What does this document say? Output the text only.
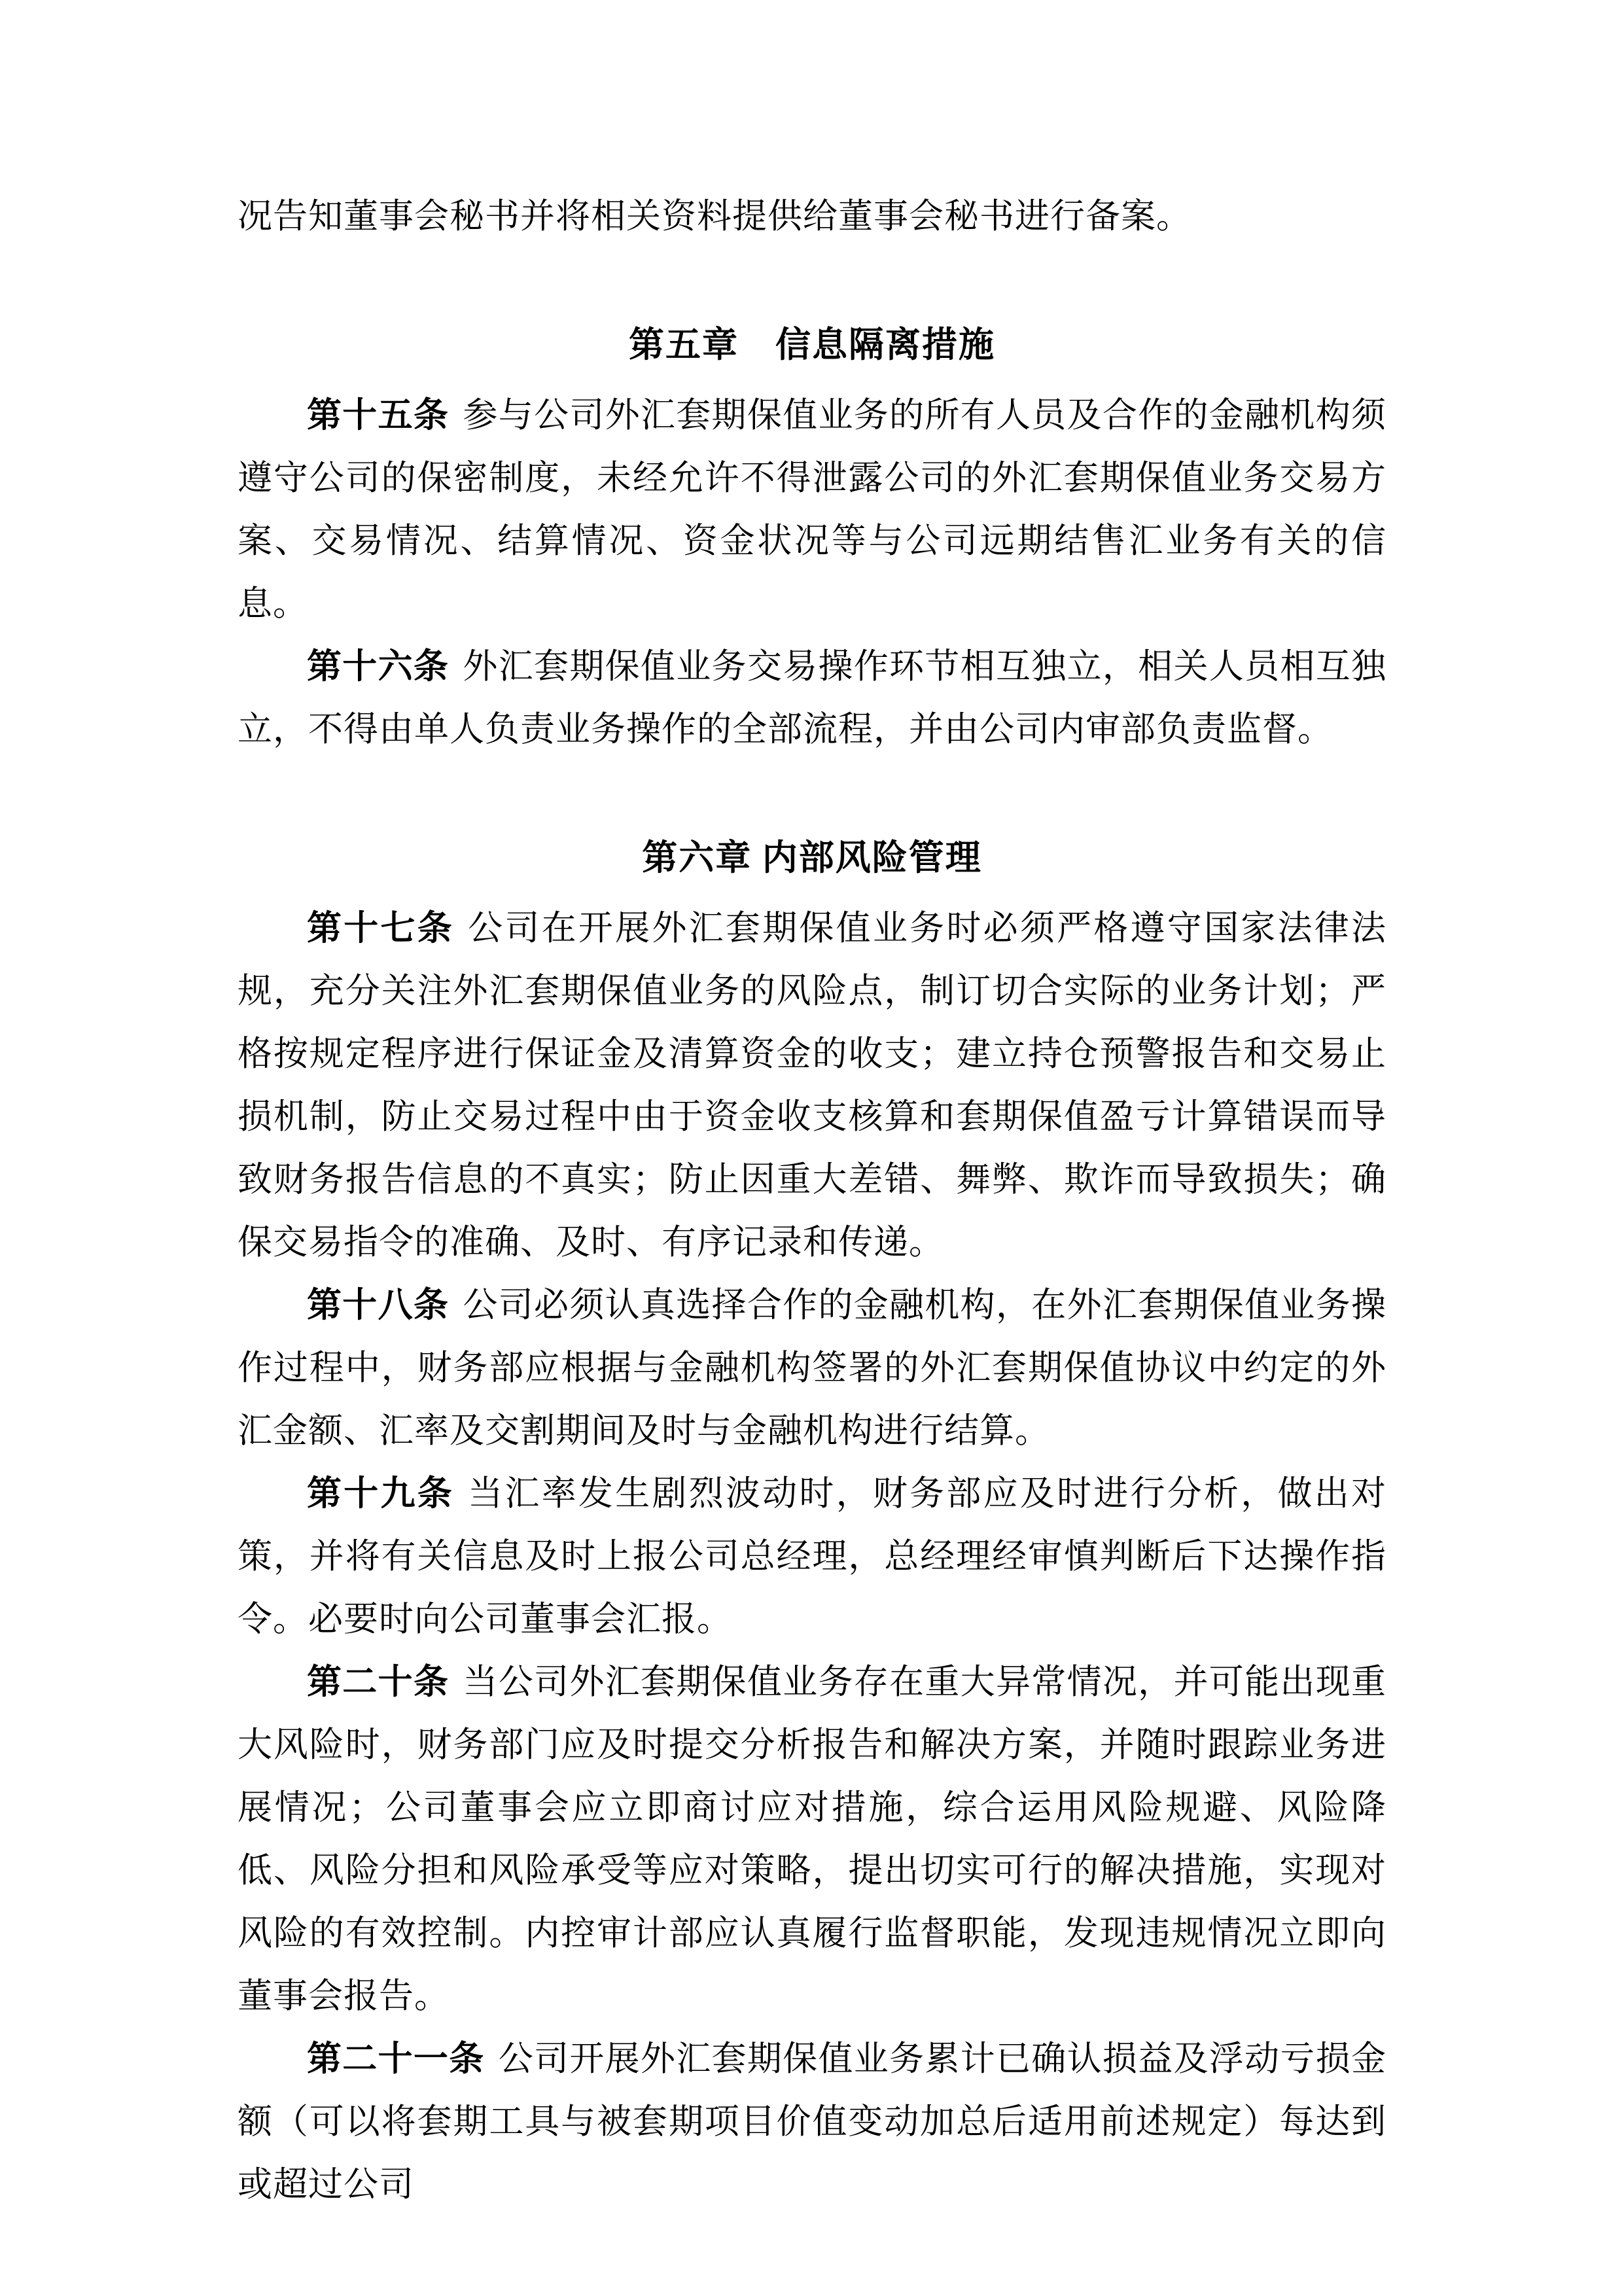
况告知董事会秘书并将相关资料提供给董事会秘书进行备案。

第五章　信息隔离措施

第十五条 参与公司外汇套期保值业务的所有人员及合作的金融机构须遵守公司的保密制度，未经允许不得泄露公司的外汇套期保值业务交易方案、交易情况、结算情况、资金状况等与公司远期结售汇业务有关的信息。

第十六条 外汇套期保值业务交易操作环节相互独立，相关人员相互独立，不得由单人负责业务操作的全部流程，并由公司内审部负责监督。

第六章 内部风险管理

第十七条 公司在开展外汇套期保值业务时必须严格遵守国家法律法规，充分关注外汇套期保值业务的风险点，制订切合实际的业务计划；严格按规定程序进行保证金及清算资金的收支；建立持仓预警报告和交易止损机制，防止交易过程中由于资金收支核算和套期保值盈亏计算错误而导致财务报告信息的不真实；防止因重大差错、舞弊、欺诈而导致损失；确保交易指令的准确、及时、有序记录和传递。

第十八条 公司必须认真选择合作的金融机构，在外汇套期保值业务操作过程中，财务部应根据与金融机构签署的外汇套期保值协议中约定的外汇金额、汇率及交割期间及时与金融机构进行结算。

第十九条 当汇率发生剧烈波动时，财务部应及时进行分析，做出对策，并将有关信息及时上报公司总经理，总经理经审慎判断后下达操作指令。必要时向公司董事会汇报。

第二十条 当公司外汇套期保值业务存在重大异常情况，并可能出现重大风险时，财务部门应及时提交分析报告和解决方案，并随时跟踪业务进展情况；公司董事会应立即商讨应对措施，综合运用风险规避、风险降低、风险分担和风险承受等应对策略，提出切实可行的解决措施，实现对风险的有效控制。内控审计部应认真履行监督职能，发现违规情况立即向董事会报告。

第二十一条 公司开展外汇套期保值业务累计已确认损益及浮动亏损金额（可以将套期工具与被套期项目价值变动加总后适用前述规定）每达到或超过公司
